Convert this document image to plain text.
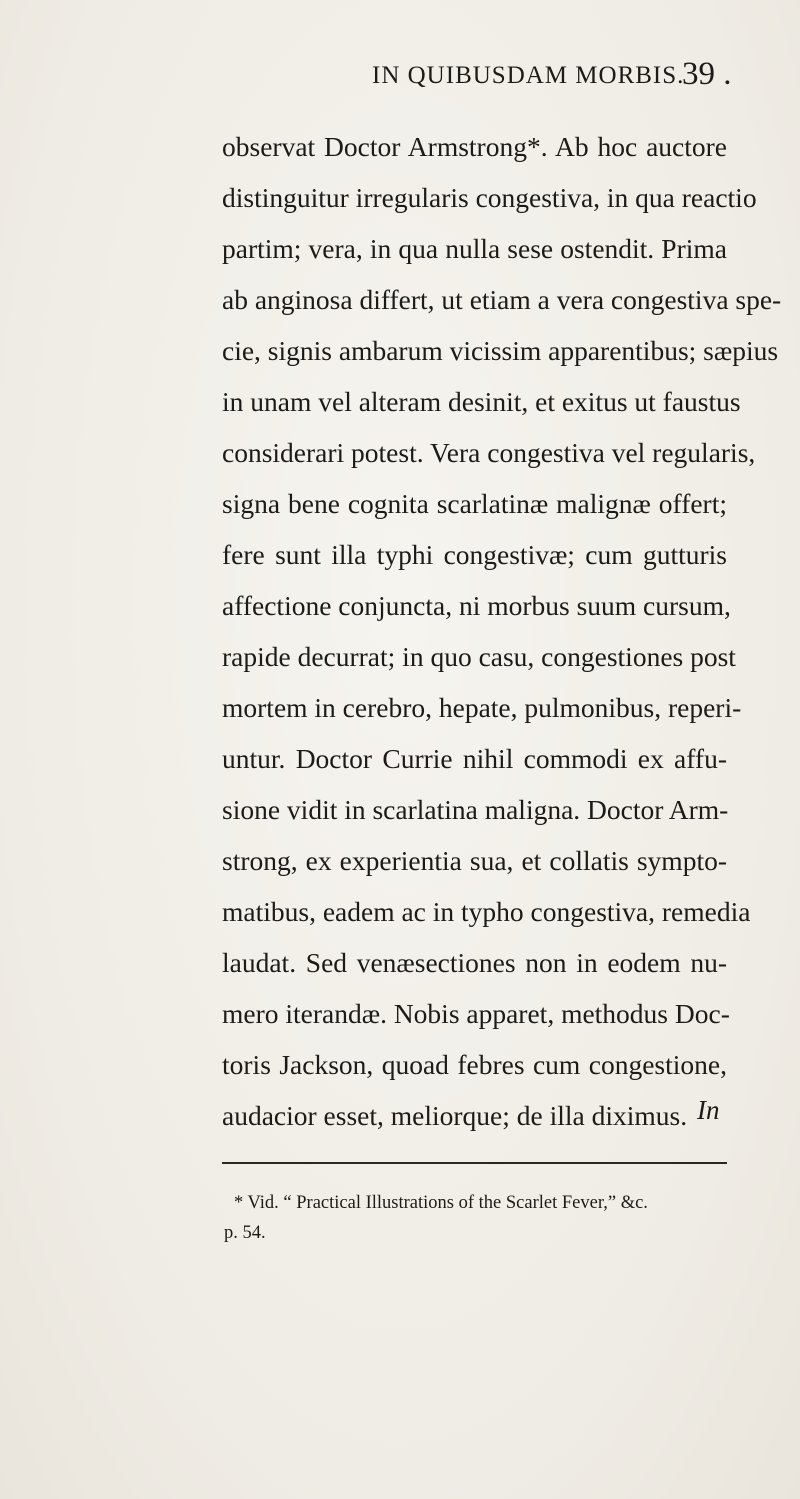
IN QUIBUSDAM MORBIS.
39 .
observat Doctor Armstrong*. Ab hoc auctore
distinguitur irregularis congestiva, in qua reactio
partim; vera, in qua nulla sese ostendit. Prima
ab anginosa differt, ut etiam a vera congestiva spe-
cie, signis ambarum vicissim apparentibus; sæpius
in unam vel alteram desinit, et exitus ut faustus
considerari potest. Vera congestiva vel regularis,
signa bene cognita scarlatinæ malignæ offert;
fere sunt illa typhi congestivæ; cum gutturis
affectione conjuncta, ni morbus suum cursum,
rapide decurrat; in quo casu, congestiones post
mortem in cerebro, hepate, pulmonibus, reperi-
untur. Doctor Currie nihil commodi ex affu-
sione vidit in scarlatina maligna. Doctor Arm-
strong, ex experientia sua, et collatis sympto-
matibus, eadem ac in typho congestiva, remedia
laudat. Sed venæsectiones non in eodem nu-
mero iterandæ. Nobis apparet, methodus Doc-
toris Jackson, quoad febres cum congestione,
audacior esset, meliorque; de illa diximus. In
* Vid. “ Practical Illustrations of the Scarlet Fever,” &c.
p. 54.
